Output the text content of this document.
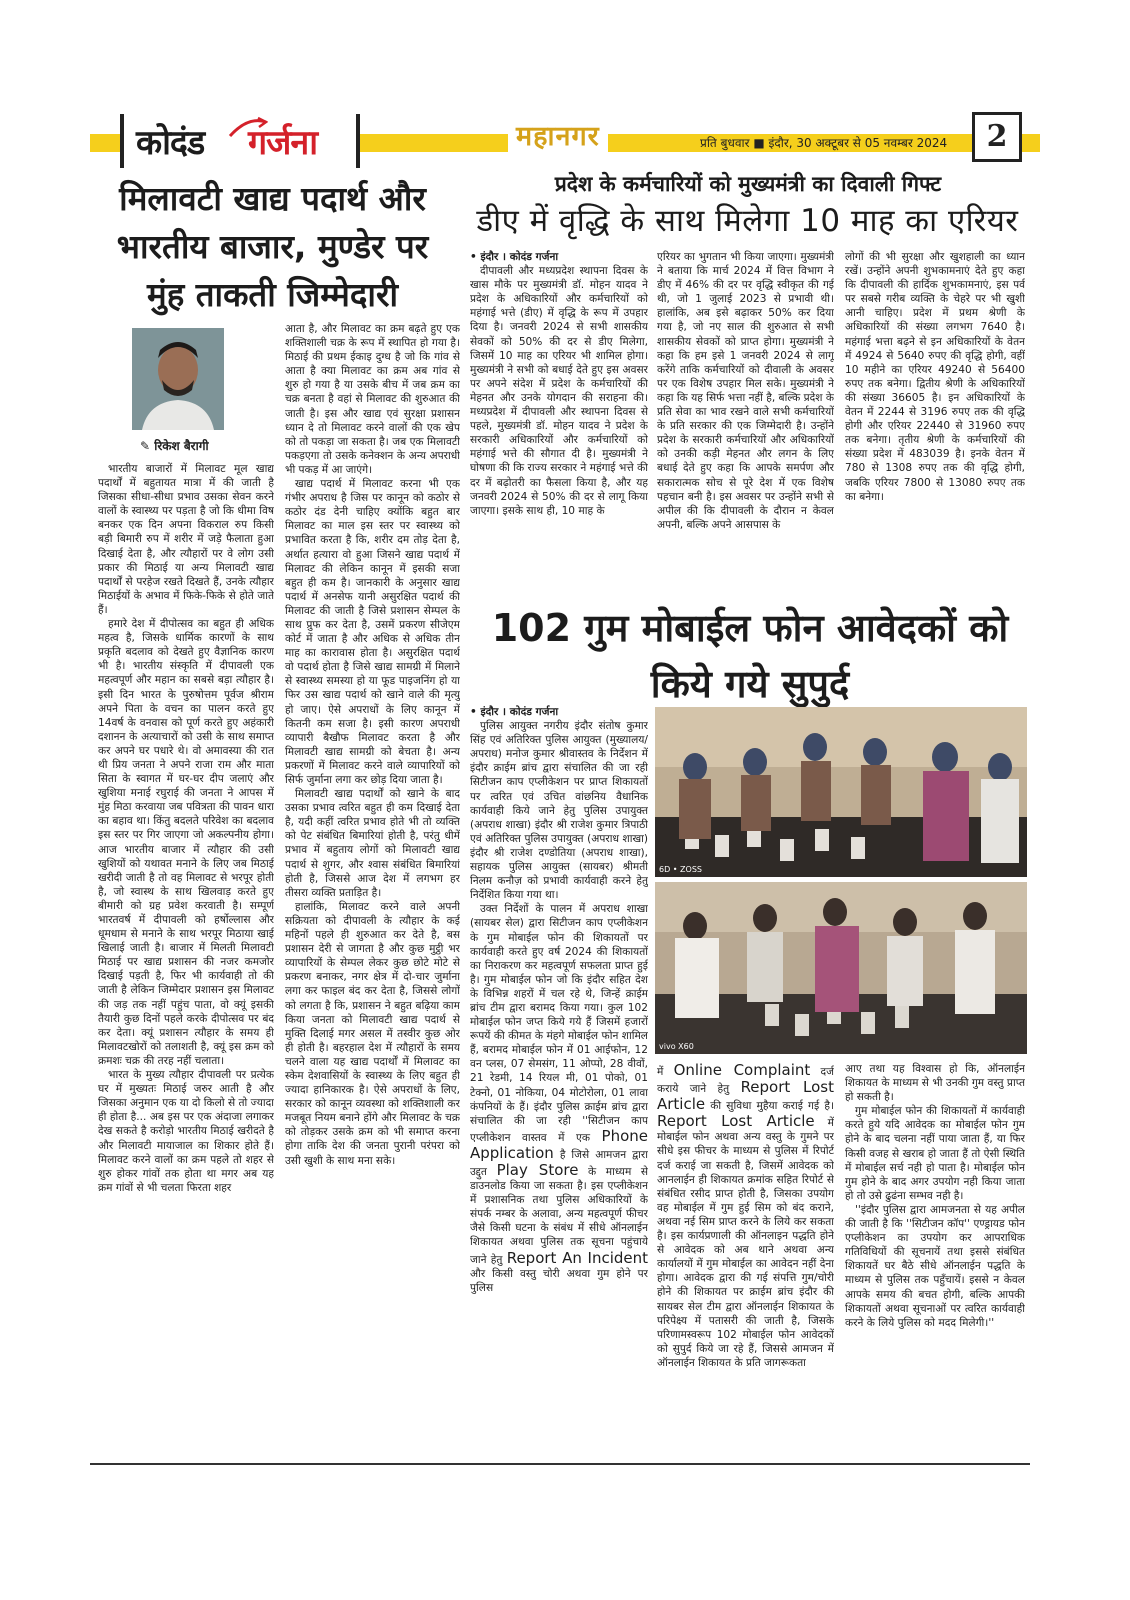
कोदंड गर्जना	महानगर	प्रति बुधवार ■ इंदौर, 30 अक्टूबर से 05 नवम्बर 2024	2
मिलावटी खाद्य पदार्थ और भारतीय बाजार, मुण्डेर पर मुंह ताकती जिम्मेदारी
✎ रिकेश बैरागी

भारतीय बाजारों में मिलावट मूल खाद्य पदार्थों में बहुतायत मात्रा में की जाती है जिसका सीधा-सीधा प्रभाव उसका सेवन करने वालों के स्वास्थ्य पर पड़ता है जो कि धीमा विष बनकर एक दिन अपना विकराल रुप किसी बड़ी बिमारी रुप में शरीर में जड़े फैलाता हुआ दिखाई देता है, और त्यौहारों पर वे लोग उसी प्रकार की मिठाई या अन्य मिलावटी खाद्य पदार्थों से परहेज रखते दिखते हैं, उनके त्यौहार मिठाईयों के अभाव में फिके-फिके से होते जाते हैं।

हमारे देश में दीपोत्सव का बहुत ही अधिक महत्व है, जिसके धार्मिक कारणों के साथ प्रकृति बदलाव को देखते हुए वैज्ञानिक कारण भी है। भारतीय संस्कृति में दीपावली एक महत्वपूर्ण और महान का सबसे बड़ा त्यौहार है। इसी दिन भारत के पुरुषोत्तम पूर्वज श्रीराम अपने पिता के वचन का पालन करते हुए 14वर्ष के वनवास को पूर्ण करते हुए अहंकारी दशानन के अत्याचारों को उसी के साथ समाप्त कर अपने घर पधारे थे। वो अमावस्या की रात थी प्रिय जनता ने अपने राजा राम और माता सिता के स्वागत में घर-घर दीप जलाएं और खुशिया मनाई रघुराई की जनता ने आपस में मुंह मिठा करवाया जब पवित्रता की पावन धारा का बहाव था। किंतु बदलते परिवेश का बदलाव इस स्तर पर गिर जाएगा जो अकल्पनीय होगा। आज भारतीय बाजार में त्यौहार की उसी खुशियों को यथावत मनाने के लिए जब मिठाई खरीदी जाती है तो वह मिलावट से भरपूर होती है, जो स्वास्थ के साथ खिलवाड़ करते हुए बीमारी को ग्रह प्रवेश करवाती है। सम्पूर्ण भारतवर्ष में दीपावली को हर्षोल्लास और धूमधाम से मनाने के साथ भरपूर मिठाया खाई खिलाई जाती है। बाजार में मिलती मिलावटी मिठाई पर खाद्य प्रशासन की नजर कमजोर दिखाई पड़ती है, फिर भी कार्यवाही तो की जाती है लेकिन जिम्मेदार प्रशासन इस मिलावट की जड़ तक नहीं पहुंच पाता, वो क्यूं इसकी तैयारी कुछ दिनों पहले करके दीपोत्सव पर बंद कर देता। क्यूं प्रशासन त्यौहार के समय ही मिलावटखोरों को तलाशती है, क्यूं इस क्रम को क्रमशः चक्र की तरह नहीं चलाता।

भारत के मुख्य त्यौहार दीपावली पर प्रत्येक घर में मुख्यतः मिठाई जरुर आती है और जिसका अनुमान एक या दो किलो से तो ज्यादा ही होता है... अब इस पर एक अंदाजा लगाकर देख सकते है करोड़ो भारतीय मिठाई खरीदते है और मिलावटी मायाजाल का शिकार होते हैं। मिलावट करने वालों का क्रम पहले तो शहर से शुरु होकर गांवों तक होता था मगर अब यह क्रम गांवों से भी चलता फिरता शहर

आता है, और मिलावट का क्रम बढ़ते हुए एक शक्तिशाली चक्र के रूप में स्थापित हो गया है। मिठाई की प्रथम ईकाइ दुग्ध है जो कि गांव से आता है क्या मिलावट का क्रम अब गांव से शुरु हो गया है या उसके बीच में जब क्रम का चक्र बनता है वहां से मिलावट की शुरुआत की जाती है। इस और खाद्य एवं सुरक्षा प्रशासन ध्यान दे तो मिलावट करने वालों की एक खेप को तो पकड़ा जा सकता है। जब एक मिलावटी पकड़एगा तो उसके कनेक्शन के अन्य अपराधी भी पकड़ में आ जाएंगे।

खाद्य पदार्थ में मिलावट करना भी एक गंभीर अपराध है जिस पर कानून को कठोर से कठोर दंड देनी चाहिए क्योंकि बहुत बार मिलावट का माल इस स्तर पर स्वास्थ्य को प्रभावित करता है कि, शरीर दम तोड़ देता है, अर्थात हत्यारा वो हुआ जिसने खाद्य पदार्थ में मिलावट की लेकिन कानून में इसकी सजा बहुत ही कम है। जानकारी के अनुसार खाद्य पदार्थ में अनसेफ यानी असुरक्षित पदार्थ की मिलावट की जाती है जिसे प्रशासन सेम्पल के साथ प्रुफ कर देता है, उसमें प्रकरण सीजेएम कोर्ट में जाता है और अधिक से अधिक तीन माह का कारावास होता है। असुरक्षित पदार्थ वो पदार्थ होता है जिसे खाद्य सामग्री में मिलाने से स्वास्थ्य समस्या हो या फूड पाइजनिंग हो या फिर उस खाद्य पदार्थ को खाने वाले की मृत्यु हो जाए। ऐसे अपराधों के लिए कानून में कितनी कम सजा है। इसी कारण अपराधी व्यापारी बैखौफ मिलावट करता है और मिलावटी खाद्य सामग्री को बेचता है। अन्य प्रकरणों में मिलावट करने वाले व्यापारियों को सिर्फ जुर्माना लगा कर छोड़ दिया जाता है।

मिलावटी खाद्य पदार्थों को खाने के बाद उसका प्रभाव त्वरित बहुत ही कम दिखाई देता है, यदी कहीं त्वरित प्रभाव होते भी तो व्यक्ति को पेट संबंधित बिमारियां होती है, परंतु धीमें प्रभाव में बहुताय लोगों को मिलावटी खाद्य पदार्थ से शुगर, और श्वास संबंधित बिमारियां होती है, जिससे आज देश में लगभग हर तीसरा व्यक्ति प्रताड़ित है।

हालांकि, मिलावट करने वाले अपनी सक्रियता को दीपावली के त्यौहार के कई महिनों पहले ही शुरुआत कर देते है, बस प्रशासन देरी से जागता है और कुछ मुट्ठी भर व्यापारियों के सेम्पल लेकर कुछ छोटे मोटे से प्रकरण बनाकर, नगर क्षेत्र में दो-चार जुर्माना लगा कर फाइल बंद कर देता है, जिससे लोगों को लगता है कि, प्रशासन ने बहुत बढ़िया काम किया जनता को मिलावटी खाद्य पदार्थ से मुक्ति दिलाई मगर असल में तस्वीर कुछ ओर ही होती है। बहरहाल देश में त्यौहारों के समय चलने वाला यह खाद्य पदार्थों में मिलावट का स्केम देशवासियों के स्वास्थ्य के लिए बहुत ही ज्यादा हानिकारक है। ऐसे अपराधों के लिए, सरकार को कानून व्यवस्था को शक्तिशाली कर मजबूत नियम बनाने होंगे और मिलावट के चक्र को तोड़कर उसके क्रम को भी समाप्त करना होगा ताकि देश की जनता पुरानी परंपरा को उसी खुशी के साथ मना सके।

प्रदेश के कर्मचारियों को मुख्यमंत्री का दिवाली गिफ्ट
डीए में वृद्धि के साथ मिलेगा 10 माह का एरियर

• इंदौर । कोदंड गर्जना

दीपावली और मध्यप्रदेश स्थापना दिवस के खास मौके पर मुख्यमंत्री डॉ. मोहन यादव ने प्रदेश के अधिकारियों और कर्मचारियों को महंगाई भत्ते (डीए) में वृद्धि के रूप में उपहार दिया है। जनवरी 2024 से सभी शासकीय सेवकों को 50% की दर से डीए मिलेगा, जिसमें 10 माह का एरियर भी शामिल होगा। मुख्यमंत्री ने सभी को बधाई देते हुए इस अवसर पर अपने संदेश में प्रदेश के कर्मचारियों की मेहनत और उनके योगदान की सराहना की। मध्यप्रदेश में दीपावली और स्थापना दिवस से पहले, मुख्यमंत्री डॉ. मोहन यादव ने प्रदेश के सरकारी अधिकारियों और कर्मचारियों को महंगाई भत्ते की सौगात दी है। मुख्यमंत्री ने घोषणा की कि राज्य सरकार ने महंगाई भत्ते की दर में बढ़ोतरी का फैसला किया है, और यह जनवरी 2024 से 50% की दर से लागू किया जाएगा। इसके साथ ही, 10 माह के

एरियर का भुगतान भी किया जाएगा। मुख्यमंत्री ने बताया कि मार्च 2024 में वित्त विभाग ने डीए में 46% की दर पर वृद्धि स्वीकृत की गई थी, जो 1 जुलाई 2023 से प्रभावी थी। हालांकि, अब इसे बढ़ाकर 50% कर दिया गया है, जो नए साल की शुरुआत से सभी शासकीय सेवकों को प्राप्त होगा। मुख्यमंत्री ने कहा कि हम इसे 1 जनवरी 2024 से लागू करेंगे ताकि कर्मचारियों को दीवाली के अवसर पर एक विशेष उपहार मिल सके। मुख्यमंत्री ने कहा कि यह सिर्फ भत्ता नहीं है, बल्कि प्रदेश के प्रति सेवा का भाव रखने वाले सभी कर्मचारियों के प्रति सरकार की एक जिम्मेदारी है। उन्होंने प्रदेश के सरकारी कर्मचारियों और अधिकारियों को उनकी कड़ी मेहनत और लगन के लिए बधाई देते हुए कहा कि आपके समर्पण और सकारात्मक सोच से पूरे देश में एक विशेष पहचान बनी है। इस अवसर पर उन्होंने सभी से अपील की कि दीपावली के दौरान न केवल अपनी, बल्कि अपने आसपास के

लोगों की भी सुरक्षा और खुशहाली का ध्यान रखें। उन्होंने अपनी शुभकामनाएं देते हुए कहा कि दीपावली की हार्दिक शुभकामनाएं, इस पर्व पर सबसे गरीब व्यक्ति के चेहरे पर भी खुशी आनी चाहिए। प्रदेश में प्रथम श्रेणी के अधिकारियों की संख्या लगभग 7640 है। महंगाई भत्ता बढ़ने से इन अधिकारियों के वेतन में 4924 से 5640 रुपए की वृद्धि होगी, वहीं 10 महीने का एरियर 49240 से 56400 रुपए तक बनेगा। द्वितीय श्रेणी के अधिकारियों की संख्या 36605 है। इन अधिकारियों के वेतन में 2244 से 3196 रुपए तक की वृद्धि होगी और एरियर 22440 से 31960 रुपए तक बनेगा। तृतीय श्रेणी के कर्मचारियों की संख्या प्रदेश में 483039 है। इनके वेतन में 780 से 1308 रुपए तक की वृद्धि होगी, जबकि एरियर 7800 से 13080 रुपए तक का बनेगा।

102 गुम मोबाईल फोन आवेदकों को किये गये सुपुर्द
6D • ZOSS
vivo X60

• इंदौर । कोदंड गर्जना

पुलिस आयुक्त नगरीय इंदौर संतोष कुमार सिंह एवं अतिरिक्त पुलिस आयुक्त (मुख्यालय/अपराध) मनोज कुमार श्रीवास्तव के निर्देशन में इंदौर क्राईम ब्रांच द्वारा संचालित की जा रही सिटीजन काप एप्लीकेशन पर प्राप्त शिकायतों पर त्वरित एवं उचित वांछनिय वैधानिक कार्यवाही किये जाने हेतु पुलिस उपायुक्त (अपराध शाखा) इंदौर श्री राजेश कुमार त्रिपाठी एवं अतिरिक्त पुलिस उपायुक्त (अपराध शाखा) इंदौर श्री राजेश दण्डोतिया (अपराध शाखा), सहायक पुलिस आयुक्त (सायबर) श्रीमती निलम कनौज़ को प्रभावी कार्यवाही करने हेतु निर्देशित किया गया था।

उक्त निर्देशों के पालन में अपराध शाखा (सायबर सेल) द्वारा सिटीजन काप एप्लीकेशन के गुम मोबाईल फोन की शिकायतों पर कार्यवाही करते हुए वर्ष 2024 की शिकायतों का निराकरण कर महत्वपूर्ण सफलता प्राप्त हुई है। गुम मोबाईल फोन जो कि इंदौर सहित देश के विभिन्न शहरों में चल रहे थे, जिन्हें क्राईम ब्रांच टीम द्वारा बरामद किया गया। कुल 102 मोबाईल फोन जप्त किये गये हैं जिसमें हजारों रूपयें की कीमत के मंहगे मोबाईल फोन शामिल हैं, बरामद मोबाईल फोन में 01 आईफोन, 12 वन प्लस, 07 सेमसंग, 11 ओप्पो, 28 वीवों, 21 रेडमी, 14 रियल मी, 01 पोको, 01 टेक्नो, 01 नोकिया, 04 मोटोरोला, 01 लावा कंपनियों के हैं। इंदौर पुलिस क्राईम ब्रांच द्वारा संचालित की जा रही ''सिटीजन काप एप्लीकेशन वास्तव में एक Phone Application है जिसे आमजन द्वारा उद्दुत Play Store के माध्यम से डाउनलोड किया जा सकता है। इस एप्लीकेशन में प्रशासनिक तथा पुलिस अधिकारियों के संपर्क नम्बर के अलावा, अन्य महत्वपूर्ण फीचर जैसे किसी घटना के संबंध में सीधे ऑनलाईन शिकायत अथवा पुलिस तक सूचना पहुंचाये जाने हेतु Report An Incident और किसी वस्तु चोरी अथवा गुम होने पर पुलिस

में Online Complaint दर्ज कराये जाने हेतु Report Lost Article की सुविधा मुहैया कराई गई है। Report Lost Article में मोबाईल फोन अथवा अन्य वस्तु के गुमने पर सीधे इस फीचर के माध्यम से पुलिस में रिपोर्ट दर्ज कराई जा सकती है, जिसमें आवेदक को आनलाईन ही शिकायत क्रमांक सहित रिपोर्ट से संबंधित रसीद प्राप्त होती है, जिसका उपयोग वह मोबाईल में गुम हुई सिम को बंद कराने, अथवा नई सिम प्राप्त करने के लिये कर सकता है। इस कार्यप्रणाली की ऑनलाइन पद्धति होने से आवेदक को अब थाने अथवा अन्य कार्यालयों में गुम मोबाईल का आवेदन नहीं देना होगा। आवेदक द्वारा की गई संपत्ति गुम/चोरी होने की शिकायत पर क्राईम ब्रांच इंदौर की सायबर सेल टीम द्वारा ऑनलाईन शिकायत के परिपेक्ष्य में पतासरी की जाती है, जिसके परिणामस्वरूप 102 मोबाईल फोन आवेदकों को सुपुर्द किये जा रहे हैं, जिससे आमजन में ऑनलाईन शिकायत के प्रति जागरूकता

आए तथा यह विश्वास हो कि, ऑनलाईन शिकायत के माध्यम से भी उनकी गुम वस्तु प्राप्त हो सकती है।

गुम मोबाईल फोन की शिकायतों में कार्यवाही करते हुये यदि आवेदक का मोबाईल फोन गुम होने के बाद चलना नहीं पाया जाता हैं, या फिर किसी वजह से खराब हो जाता हैं तो ऐसी स्थिति में मोबाईल सर्च नही हो पाता है। मोबाईल फोन गुम होने के बाद अगर उपयोग नही किया जाता हो तो उसे ढुढंना सम्भव नही है।

''इंदौर पुलिस द्वारा आमजनता से यह अपील की जाती है कि ''सिटीजन कॉप'' एण्ड्रायड फोन एप्लीकेशन का उपयोग कर आपराधिक गतिविधियों की सूचनायें तथा इससे संबंधित शिकायतें घर बैठे सीधे ऑनलाईन पद्धति के माध्यम से पुलिस तक पहुँचायें। इससे न केवल आपके समय की बचत होगी, बल्कि आपकी शिकायतों अथवा सूचनाओं पर त्वरित कार्यवाही करने के लिये पुलिस को मदद मिलेगी।''
